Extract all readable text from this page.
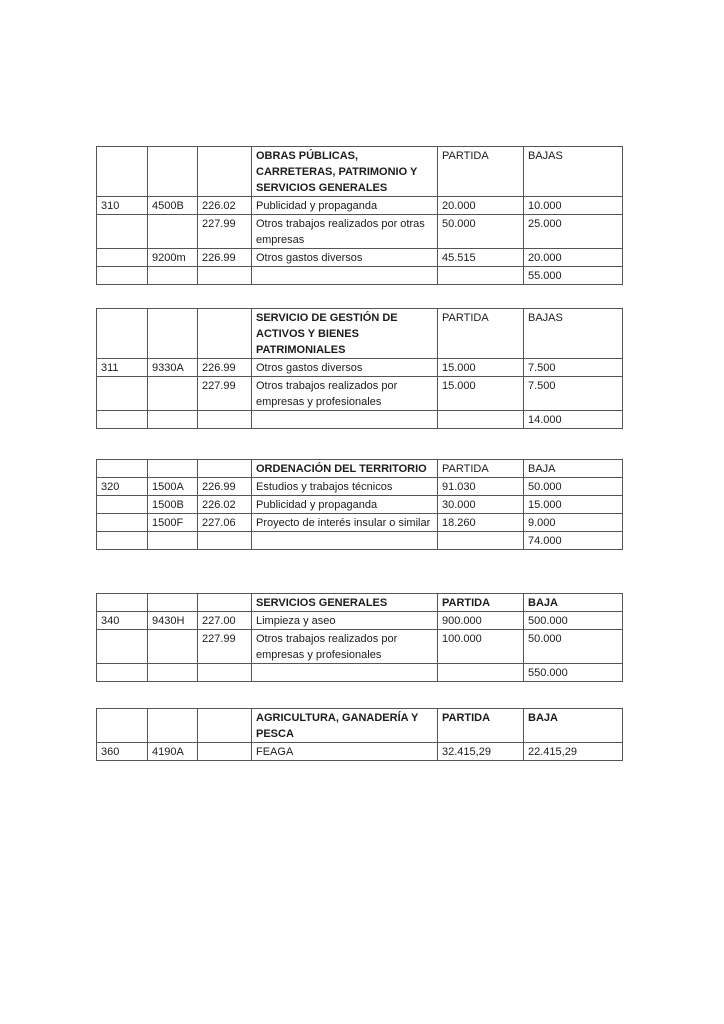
			OBRAS PÚBLICAS, CARRETERAS, PATRIMONIO Y SERVICIOS GENERALES	PARTIDA	BAJAS
310	4500B	226.02	Publicidad y propaganda	20.000	10.000
		227.99	Otros trabajos realizados por otras empresas	50.000	25.000
	9200m	226.99	Otros gastos diversos	45.515	20.000
					55.000
			SERVICIO DE GESTIÓN DE ACTIVOS Y BIENES PATRIMONIALES	PARTIDA	BAJAS
311	9330A	226.99	Otros gastos diversos	15.000	7.500
		227.99	Otros trabajos realizados por empresas y profesionales	15.000	7.500
					14.000
			ORDENACIÓN DEL TERRITORIO	PARTIDA	BAJA
320	1500A	226.99	Estudios y trabajos técnicos	91.030	50.000
	1500B	226.02	Publicidad y propaganda	30.000	15.000
	1500F	227.06	Proyecto de interés insular o similar	18.260	9.000
					74.000
			SERVICIOS GENERALES	PARTIDA	BAJA
340	9430H	227.00	Limpieza y aseo	900.000	500.000
		227.99	Otros trabajos realizados por empresas y profesionales	100.000	50.000
					550.000
			AGRICULTURA, GANADERÍA Y PESCA	PARTIDA	BAJA
360	4190A		FEAGA	32.415,29	22.415,29
